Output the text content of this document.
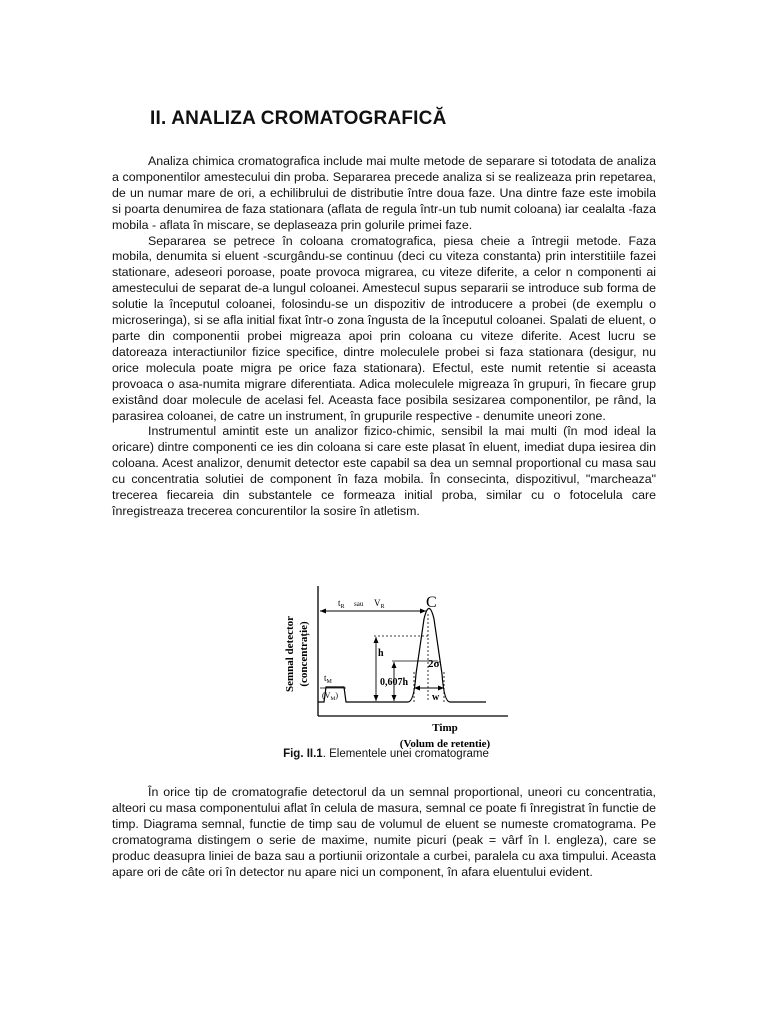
II. ANALIZA CROMATOGRAFICĂ

Analiza chimica cromatografica include mai multe metode de separare si totodata de analiza a componentilor amestecului din proba. Separarea precede analiza si se realizeaza prin repetarea, de un numar mare de ori, a echilibrului de distributie între doua faze. Una dintre faze este imobila si poarta denumirea de faza stationara (aflata de regula într-un tub numit coloana) iar cealalta -faza mobila - aflata în miscare, se deplaseaza prin golurile primei faze.

Separarea se petrece în coloana cromatografica, piesa cheie a întregii metode. Faza mobila, denumita si eluent -scurgându-se continuu (deci cu viteza constanta) prin interstitiile fazei stationare, adeseori poroase, poate provoca migrarea, cu viteze diferite, a celor n componenti ai amestecului de separat de-a lungul coloanei. Amestecul supus separarii se introduce sub forma de solutie la începutul coloanei, folosindu-se un dispozitiv de introducere a probei (de exemplu o microseringa), si se afla initial fixat într-o zona îngusta de la începutul coloanei. Spalati de eluent, o parte din componentii probei migreaza apoi prin coloana cu viteze diferite. Acest lucru se datoreaza interactiunilor fizice specifice, dintre moleculele probei si faza stationara (desigur, nu orice molecula poate migra pe orice faza stationara). Efectul, este numit retentie si aceasta provoaca o asa-numita migrare diferentiata. Adica moleculele migreaza în grupuri, în fiecare grup existând doar molecule de acelasi fel. Aceasta face posibila sesizarea componentilor, pe rând, la parasirea coloanei, de catre un instrument, în grupurile respective - denumite uneori zone.

Instrumentul amintit este un analizor fizico-chimic, sensibil la mai multi (în mod ideal la oricare) dintre componenti ce ies din coloana si care este plasat în eluent, imediat dupa iesirea din coloana. Acest analizor, denumit detector este capabil sa dea un semnal proportional cu masa sau cu concentratia solutiei de component în faza mobila. În consecinta, dispozitivul, "marcheaza" trecerea fiecareia din substantele ce formeaza initial proba, similar cu o fotocelula care înregistreaza trecerea concurentilor la sosire în atletism.

Semnal detector (concentrație)
$t_R$ sau $V_R$	C
h
0,607h
2σ
w
$t_M$
$(V_M)$
Timp
(Volum de retentie)
Fig. II.1. Elementele unei cromatograme

În orice tip de cromatografie detectorul da un semnal proportional, uneori cu concentratia, alteori cu masa componentului aflat în celula de masura, semnal ce poate fi înregistrat în functie de timp. Diagrama semnal, functie de timp sau de volumul de eluent se numeste cromatograma. Pe cromatograma distingem o serie de maxime, numite picuri (peak = vârf în l. engleza), care se produc deasupra liniei de baza sau a portiunii orizontale a curbei, paralela cu axa timpului. Aceasta apare ori de câte ori în detector nu apare nici un component, în afara eluentului evident.
